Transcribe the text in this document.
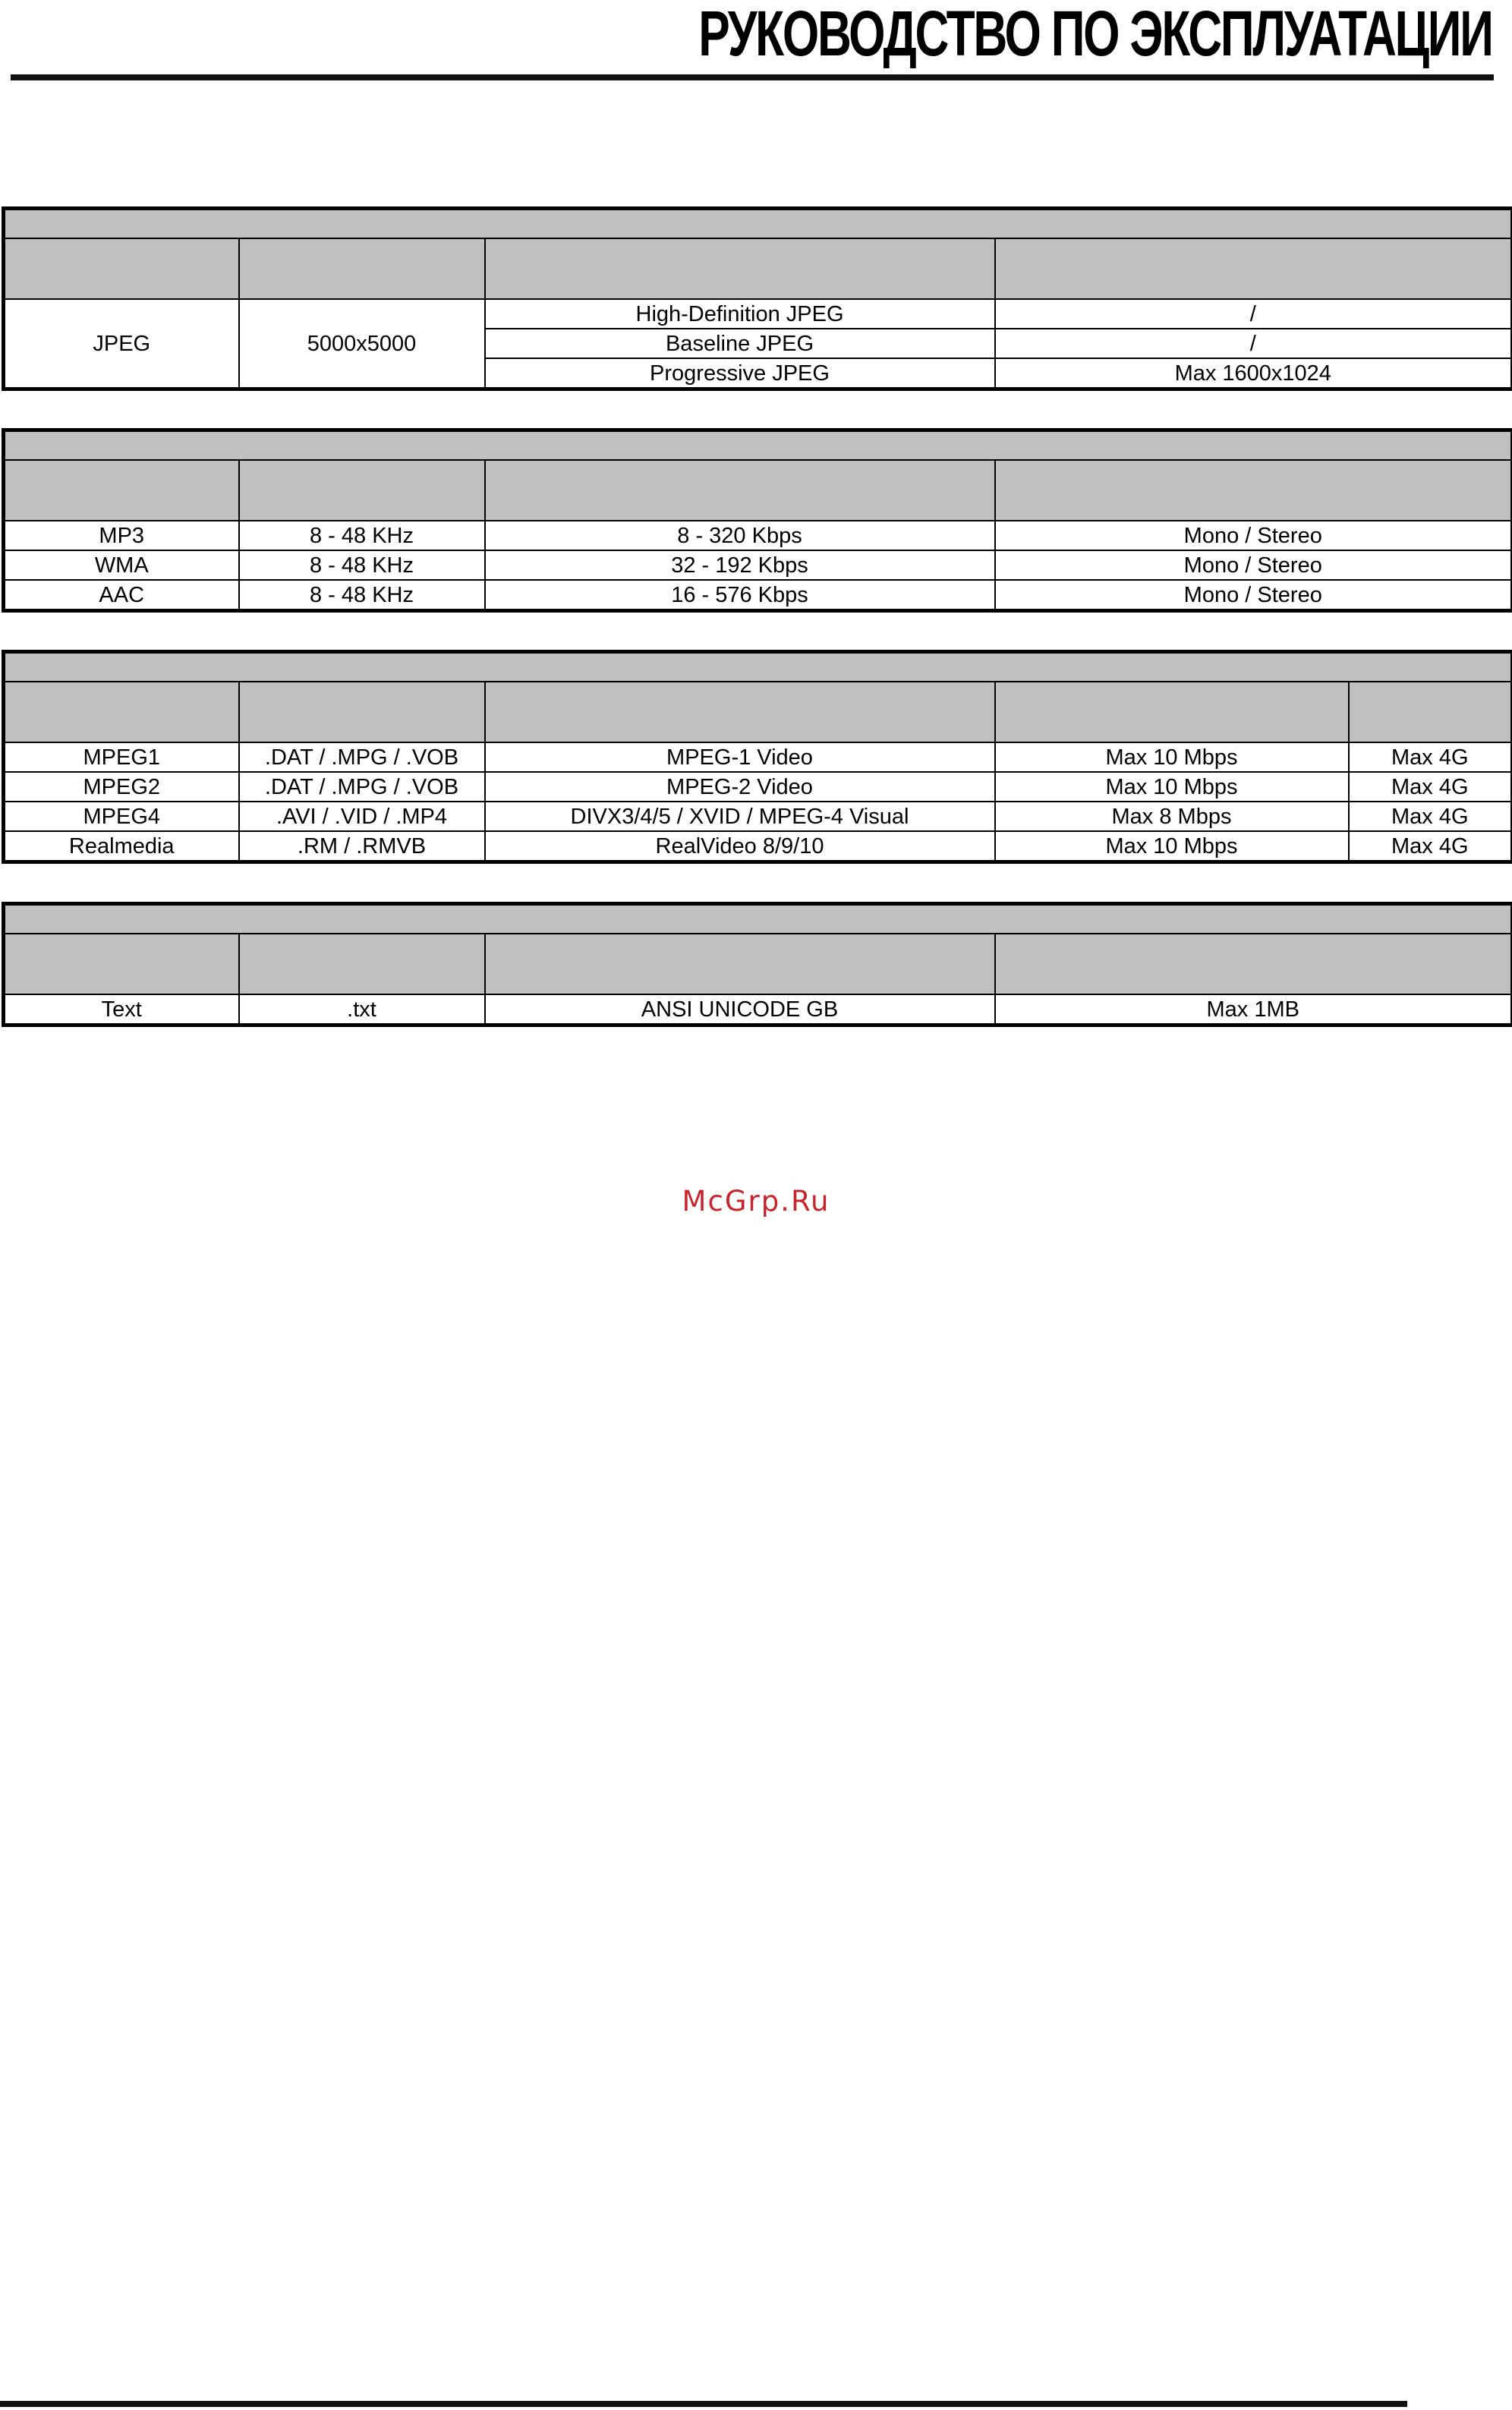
РУКОВОДСТВО ПО ЭКСПЛУАТАЦИИ

JPEG	5000x5000	High-Definition JPEG	/
		Baseline JPEG	/
		Progressive JPEG	Max 1600x1024

MP3	8 - 48 KHz	8 - 320 Kbps	Mono / Stereo
WMA	8 - 48 KHz	32 - 192 Kbps	Mono / Stereo
AAC	8 - 48 KHz	16 - 576 Kbps	Mono / Stereo

MPEG1	.DAT / .MPG / .VOB	MPEG-1 Video	Max 10 Mbps	Max 4G
MPEG2	.DAT / .MPG / .VOB	MPEG-2 Video	Max 10 Mbps	Max 4G
MPEG4	.AVI / .VID / .MP4	DIVX3/4/5 / XVID / MPEG-4 Visual	Max 8 Mbps	Max 4G
Realmedia	.RM / .RMVB	RealVideo 8/9/10	Max 10 Mbps	Max 4G

Text	.txt	ANSI UNICODE GB	Max 1MB
McGrp.Ru
